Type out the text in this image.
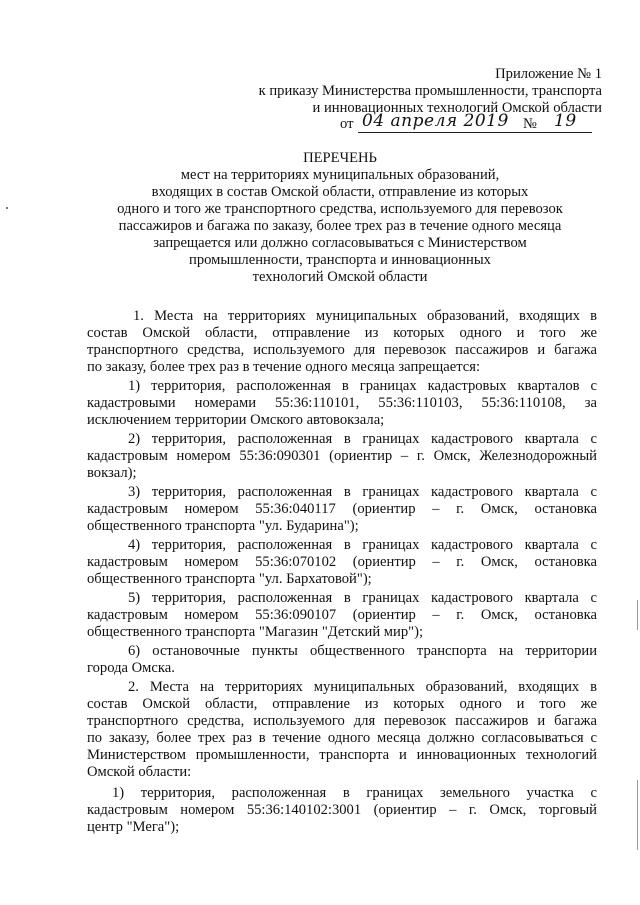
Приложение № 1
к приказу Министерства промышленности, транспорта
и инновационных технологий Омской области
от 04 апреля 2019 № 19
ПЕРЕЧЕНЬ
мест на территориях муниципальных образований,
входящих в состав Омской области, отправление из которых
одного и того же транспортного средства, используемого для перевозок
пассажиров и багажа по заказу, более трех раз в течение одного месяца
запрещается или должно согласовываться с Министерством
промышленности, транспорта и инновационных
технологий Омской области
1. Места на территориях муниципальных образований, входящих в
состав Омской области, отправление из которых одного и того же
транспортного средства, используемого для перевозок пассажиров и багажа
по заказу, более трех раз в течение одного месяца запрещается:
1) территория, расположенная в границах кадастровых кварталов с
кадастровыми номерами 55:36:110101, 55:36:110103, 55:36:110108, за
исключением территории Омского автовокзала;
2) территория, расположенная в границах кадастрового квартала с
кадастровым номером 55:36:090301 (ориентир – г. Омск, Железнодорожный
вокзал);
3) территория, расположенная в границах кадастрового квартала с
кадастровым номером 55:36:040117 (ориентир – г. Омск, остановка
общественного транспорта "ул. Бударина");
4) территория, расположенная в границах кадастрового квартала с
кадастровым номером 55:36:070102 (ориентир – г. Омск, остановка
общественного транспорта "ул. Бархатовой");
5) территория, расположенная в границах кадастрового квартала с
кадастровым номером 55:36:090107 (ориентир – г. Омск, остановка
общественного транспорта "Магазин "Детский мир");
6) остановочные пункты общественного транспорта на территории
города Омска.
2. Места на территориях муниципальных образований, входящих в
состав Омской области, отправление из которых одного и того же
транспортного средства, используемого для перевозок пассажиров и багажа
по заказу, более трех раз в течение одного месяца должно согласовываться с
Министерством промышленности, транспорта и инновационных технологий
Омской области:
1) территория, расположенная в границах земельного участка с
кадастровым номером 55:36:140102:3001 (ориентир – г. Омск, торговый
центр "Мега");
